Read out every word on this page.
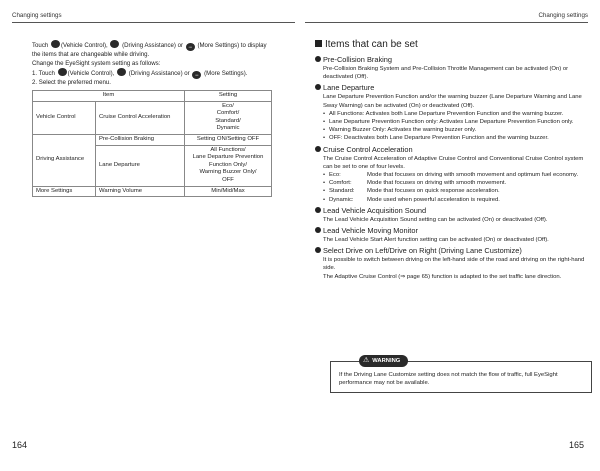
Changing settings	Changing settings

Touch (Vehicle Control),  (Driving Assistance) or ••• (More Settings) to display

the items that are changeable while driving.

Change the EyeSight system setting as follows:

1. Touch (Vehicle Control),  (Driving Assistance) or ••• (More Settings).

2. Select the preferred menu.

Item		Setting
Vehicle Control	Cruise Control Acceleration	Eco/
Comfort/
Standard/
Dynamic
Driving Assistance	Pre-Collision Braking	Setting ON/Setting OFF
	Lane Departure	All Functions/
Lane Departure Prevention
Function Only/
Warning Buzzer Only/
OFF
More Settings	Warning Volume	Min/Mid/Max
164
Items that can be set
Pre-Collision Braking

Pre-Collision Braking System and Pre-Collision Throttle Management can be activated (On) or deactivated (Off).

Lane Departure

Lane Departure Prevention Function and/or the warning buzzer (Lane Departure Warning and Lane Sway Warning) can be activated (On) or deactivated (Off).

• All Functions: Activates both Lane Departure Prevention Function and the warning buzzer.
• Lane Departure Prevention Function only: Activates Lane Departure Prevention Function only.
• Warning Buzzer Only: Activates the warning buzzer only.
• OFF: Deactivates both Lane Departure Prevention Function and the warning buzzer.
Cruise Control Acceleration

The Cruise Control Acceleration of Adaptive Cruise Control and Conventional Cruise Control system can be set to one of four levels.

• Eco:	Mode that focuses on driving with smooth movement and optimum fuel economy.
• Comfort:	Mode that focuses on driving with smooth movement.
• Standard:	Mode that focuses on quick response acceleration.
• Dynamic:	Mode used when powerful acceleration is required.
Lead Vehicle Acquisition Sound

The Lead Vehicle Acquisition Sound setting can be activated (On) or deactivated (Off).

Lead Vehicle Moving Monitor

The Lead Vehicle Start Alert function setting can be activated (On) or deactivated (Off).

Select Drive on Left/Drive on Right (Driving Lane Customize)

It is possible to switch between driving on the left-hand side of the road and driving on the right-hand side.

The Adaptive Cruise Control (⇒ page 65) function is adapted to the set traffic lane direction.

⚠ WARNING
If the Driving Lane Customize setting does not match the flow of traffic, full EyeSight performance may not be available.
165
